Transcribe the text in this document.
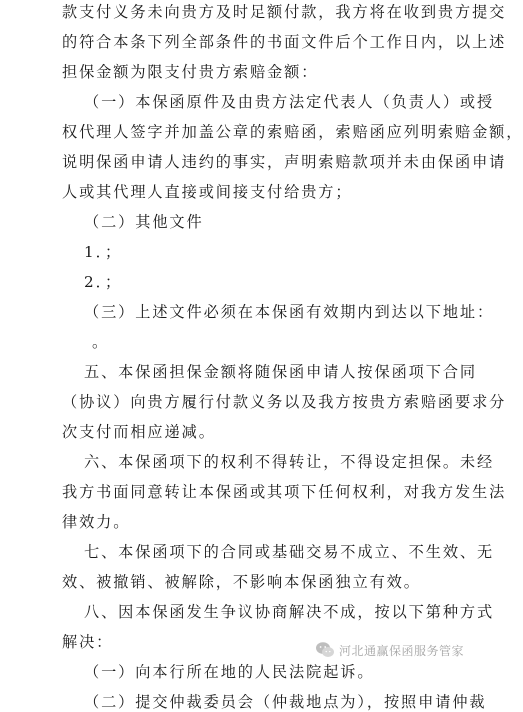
款支付义务未向贵方及时足额付款，我方将在收到贵方提交
的符合本条下列全部条件的书面文件后个工作日内，以上述
担保金额为限支付贵方索赔金额：
（一）本保函原件及由贵方法定代表人（负责人）或授
权代理人签字并加盖公章的索赔函，索赔函应列明索赔金额，
说明保函申请人违约的事实，声明索赔款项并未由保函申请
人或其代理人直接或间接支付给贵方；
（二）其他文件
1．；
2．；
（三）上述文件必须在本保函有效期内到达以下地址：
。
五、本保函担保金额将随保函申请人按保函项下合同
（协议）向贵方履行付款义务以及我方按贵方索赔函要求分
次支付而相应递减。
六、本保函项下的权利不得转让，不得设定担保。未经
我方书面同意转让本保函或其项下任何权利，对我方发生法
律效力。
七、本保函项下的合同或基础交易不成立、不生效、无
效、被撤销、被解除，不影响本保函独立有效。
八、因本保函发生争议协商解决不成，按以下第种方式
解决：
（一）向本行所在地的人民法院起诉。
（二）提交仲裁委员会（仲裁地点为），按照申请仲裁
河北通赢保函服务管家
